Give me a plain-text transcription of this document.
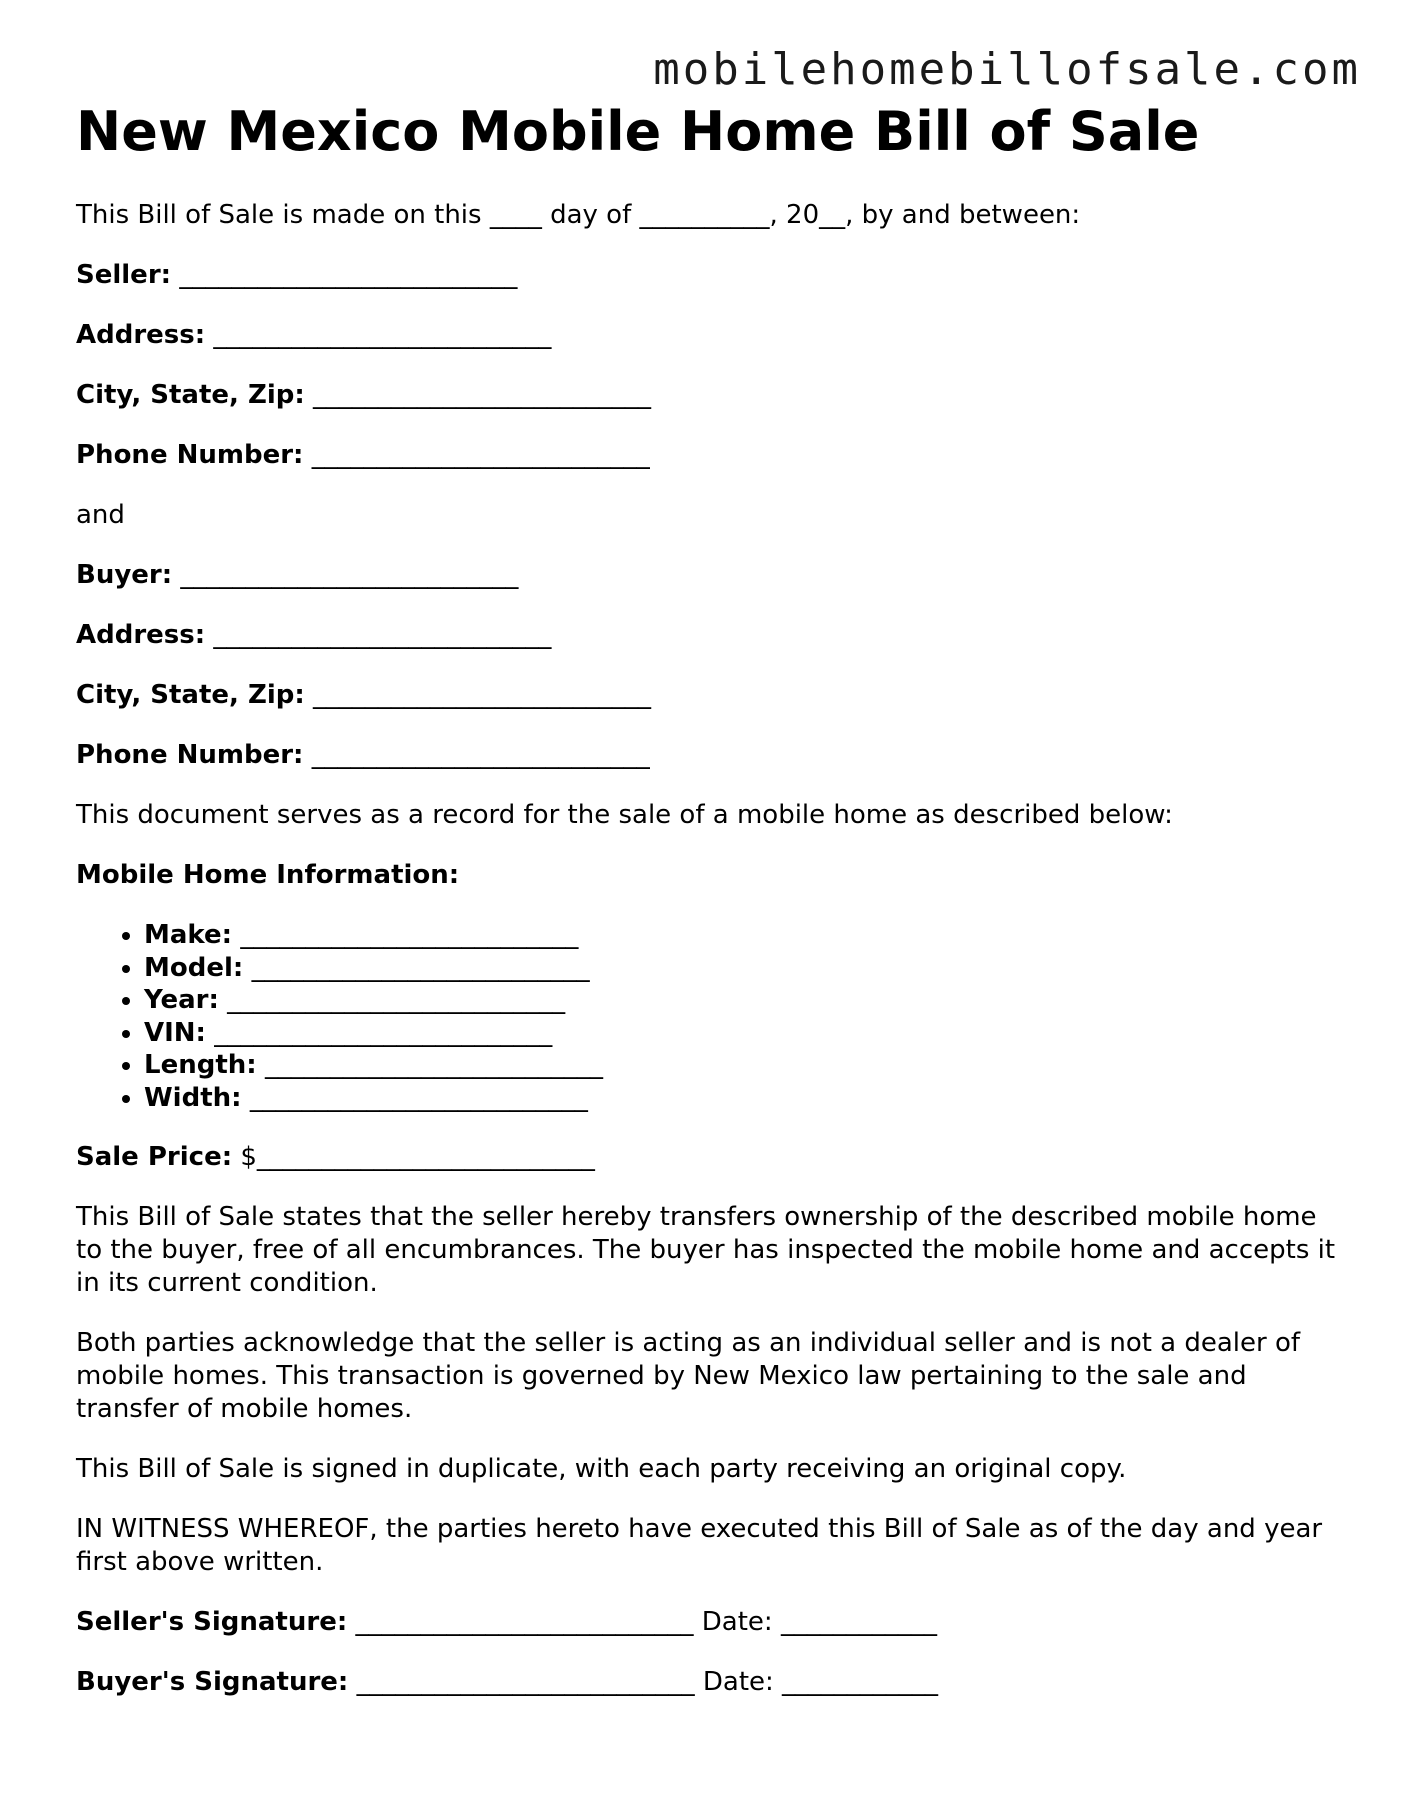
mobilehomebillofsale.com
New Mexico Mobile Home Bill of Sale

This Bill of Sale is made on this ____ day of __________, 20__, by and between:

Seller: __________________________

Address: __________________________

City, State, Zip: __________________________

Phone Number: __________________________

and

Buyer: __________________________

Address: __________________________

City, State, Zip: __________________________

Phone Number: __________________________

This document serves as a record for the sale of a mobile home as described below:

Mobile Home Information:

• Make: __________________________
• Model: __________________________
• Year: __________________________
• VIN: __________________________
• Length: __________________________
• Width: __________________________

Sale Price: $__________________________

This Bill of Sale states that the seller hereby transfers ownership of the described mobile home to the buyer, free of all encumbrances. The buyer has inspected the mobile home and accepts it in its current condition.

Both parties acknowledge that the seller is acting as an individual seller and is not a dealer of mobile homes. This transaction is governed by New Mexico law pertaining to the sale and transfer of mobile homes.

This Bill of Sale is signed in duplicate, with each party receiving an original copy.

IN WITNESS WHEREOF, the parties hereto have executed this Bill of Sale as of the day and year first above written.

Seller's Signature: __________________________ Date: ____________

Buyer's Signature: __________________________ Date: ____________
